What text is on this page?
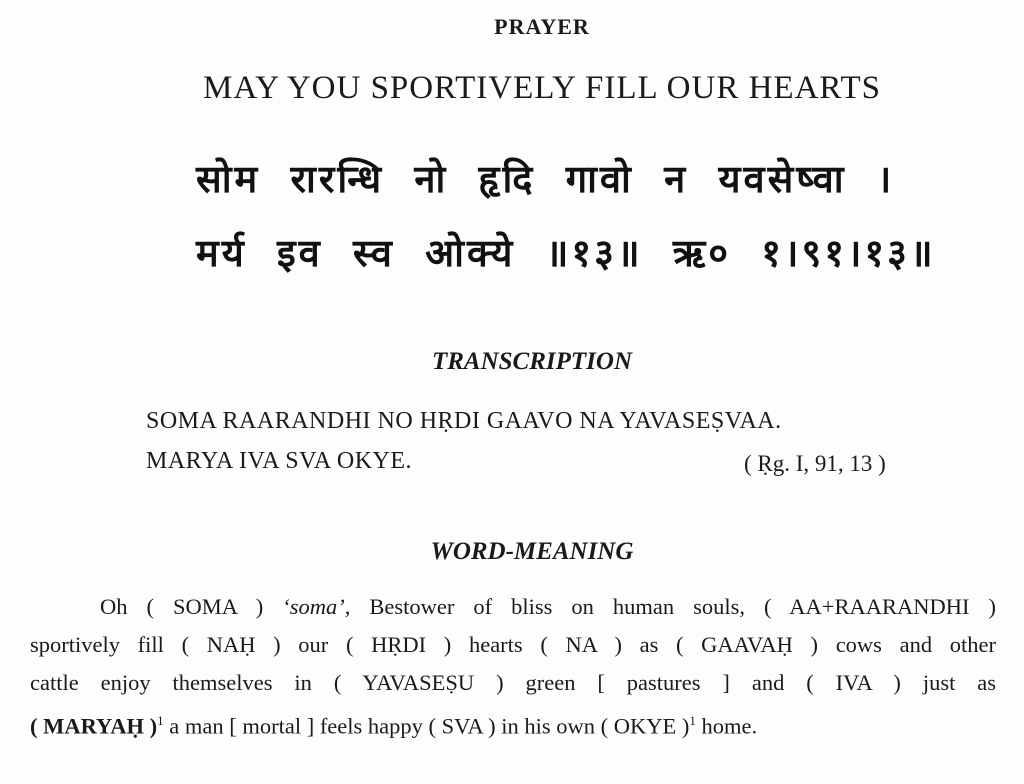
PRAYER
MAY YOU SPORTIVELY FILL OUR HEARTS
सोम रारन्धि नो हृदि गावो न यवसेष्वा ।
मर्य इव स्व ओक्ये ॥१३॥ ऋ० १।९१।१३॥
TRANSCRIPTION
SOMA RAARANDHI NO HṚDI GAAVO NA YAVASEṢVAA.
MARYA IVA SVA OKYE.	( Ṛg. I, 91, 13 )
WORD-MEANING
Oh ( SOMA ) ‘soma’, Bestower of bliss on human souls, ( AA+RAARANDHI )
sportively fill ( NAḤ ) our ( HṚDI ) hearts ( NA ) as ( GAAVAḤ ) cows and other
cattle enjoy themselves in ( YAVASEṢU ) green [ pastures ] and ( IVA ) just as
( MARYAḤ )$^1$ a man [ mortal ] feels happy ( SVA ) in his own ( OKYE )$^1$ home.
